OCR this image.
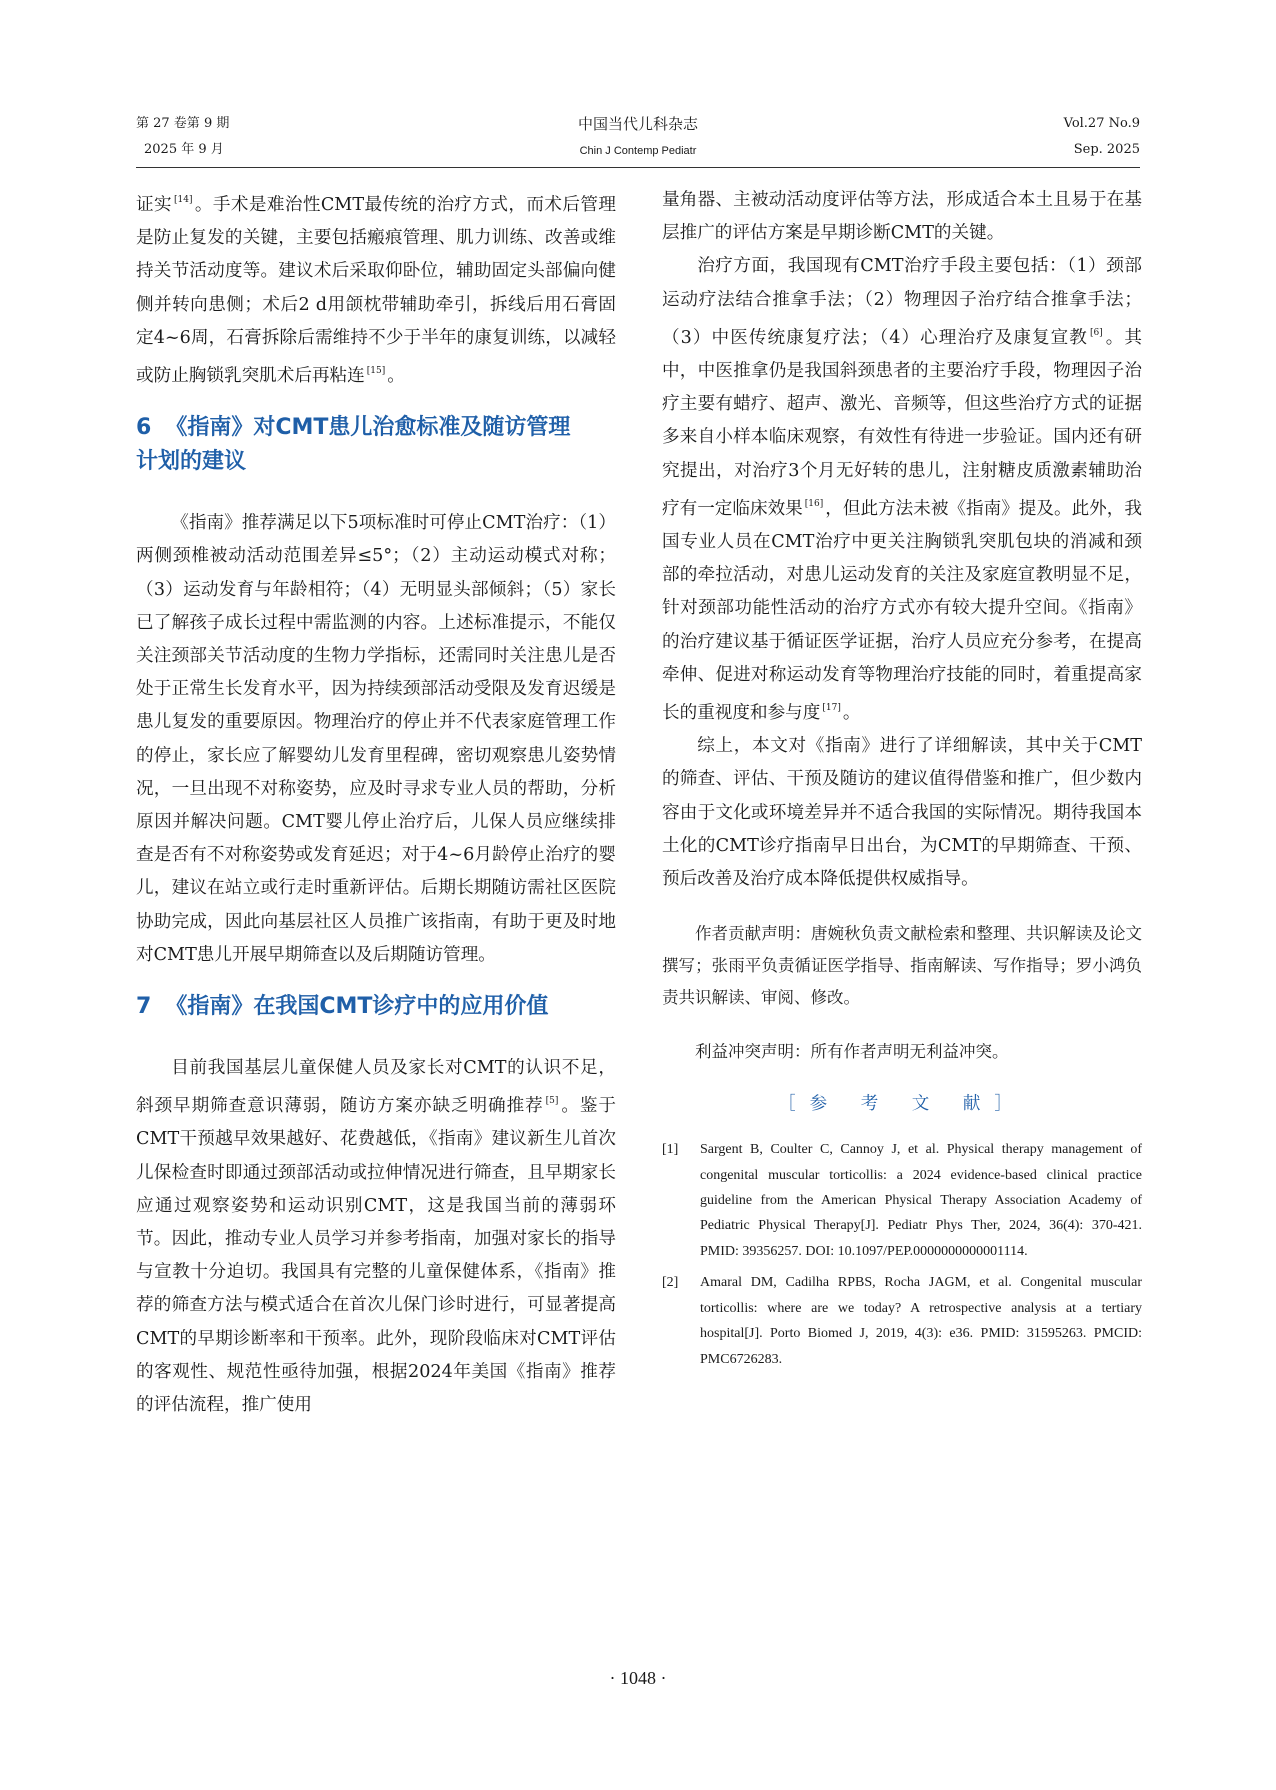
第 27 卷第 9 期
2025 年 9 月
中国当代儿科杂志
Chin J Contemp Pediatr
Vol.27 No.9
Sep. 2025

证实 [14] 。手术是难治性CMT最传统的治疗方式，而术后管理是防止复发的关键，主要包括瘢痕管理、肌力训练、改善或维持关节活动度等。建议术后采取仰卧位，辅助固定头部偏向健侧并转向患侧；术后2 d用颌枕带辅助牵引，拆线后用石膏固定4~6周，石膏拆除后需维持不少于半年的康复训练，以减轻或防止胸锁乳突肌术后再粘连 [15] 。

6 《指南》对CMT患儿治愈标准及随访管理
计划的建议

《指南》推荐满足以下5项标准时可停止CMT治疗：（1）两侧颈椎被动活动范围差异≤5°；（2）主动运动模式对称；（3）运动发育与年龄相符；（4）无明显头部倾斜；（5）家长已了解孩子成长过程中需监测的内容。上述标准提示，不能仅关注颈部关节活动度的生物力学指标，还需同时关注患儿是否处于正常生长发育水平，因为持续颈部活动受限及发育迟缓是患儿复发的重要原因。物理治疗的停止并不代表家庭管理工作的停止，家长应了解婴幼儿发育里程碑，密切观察患儿姿势情况，一旦出现不对称姿势，应及时寻求专业人员的帮助，分析原因并解决问题。CMT婴儿停止治疗后，儿保人员应继续排查是否有不对称姿势或发育延迟；对于4~6月龄停止治疗的婴儿，建议在站立或行走时重新评估。后期长期随访需社区医院协助完成，因此向基层社区人员推广该指南，有助于更及时地对CMT患儿开展早期筛查以及后期随访管理。

7 《指南》在我国CMT诊疗中的应用价值

目前我国基层儿童保健人员及家长对CMT的认识不足，斜颈早期筛查意识薄弱，随访方案亦缺乏明确推荐 [5] 。鉴于CMT干预越早效果越好、花费越低，《指南》建议新生儿首次儿保检查时即通过颈部活动或拉伸情况进行筛查，且早期家长应通过观察姿势和运动识别CMT，这是我国当前的薄弱环节。因此，推动专业人员学习并参考指南，加强对家长的指导与宣教十分迫切。我国具有完整的儿童保健体系，《指南》推荐的筛查方法与模式适合在首次儿保门诊时进行，可显著提高CMT的早期诊断率和干预率。此外，现阶段临床对CMT评估的客观性、规范性亟待加强，根据2024年美国《指南》推荐的评估流程，推广使用

量角器、主被动活动度评估等方法，形成适合本土且易于在基层推广的评估方案是早期诊断CMT的关键。

治疗方面，我国现有CMT治疗手段主要包括：（1）颈部运动疗法结合推拿手法；（2）物理因子治疗结合推拿手法；（3）中医传统康复疗法；（4）心理治疗及康复宣教 [6] 。其中，中医推拿仍是我国斜颈患者的主要治疗手段，物理因子治疗主要有蜡疗、超声、激光、音频等，但这些治疗方式的证据多来自小样本临床观察，有效性有待进一步验证。国内还有研究提出，对治疗3个月无好转的患儿，注射糖皮质激素辅助治疗有一定临床效果 [16] ，但此方法未被《指南》提及。此外，我国专业人员在CMT治疗中更关注胸锁乳突肌包块的消减和颈部的牵拉活动，对患儿运动发育的关注及家庭宣教明显不足，针对颈部功能性活动的治疗方式亦有较大提升空间。《指南》的治疗建议基于循证医学证据，治疗人员应充分参考，在提高牵伸、促进对称运动发育等物理治疗技能的同时，着重提高家长的重视度和参与度 [17] 。

综上，本文对《指南》进行了详细解读，其中关于CMT的筛查、评估、干预及随访的建议值得借鉴和推广，但少数内容由于文化或环境差异并不适合我国的实际情况。期待我国本土化的CMT诊疗指南早日出台，为CMT的早期筛查、干预、预后改善及治疗成本降低提供权威指导。

作者贡献声明：唐婉秋负责文献检索和整理、共识解读及论文撰写；张雨平负责循证医学指导、指南解读、写作指导；罗小鸿负责共识解读、审阅、修改。

利益冲突声明：所有作者声明无利益冲突。

［参 考 文 献］

[1]	Sargent B, Coulter C, Cannoy J, et al. Physical therapy management of congenital muscular torticollis: a 2024 evidence-based clinical practice guideline from the American Physical Therapy Association Academy of Pediatric Physical Therapy[J]. Pediatr Phys Ther, 2024, 36(4): 370-421. PMID: 39356257. DOI: 10.1097/PEP.0000000000001114.
[2]	Amaral DM, Cadilha RPBS, Rocha JAGM, et al. Congenital muscular torticollis: where are we today? A retrospective analysis at a tertiary hospital[J]. Porto Biomed J, 2019, 4(3): e36. PMID: 31595263. PMCID: PMC6726283.
· 1048 ·
